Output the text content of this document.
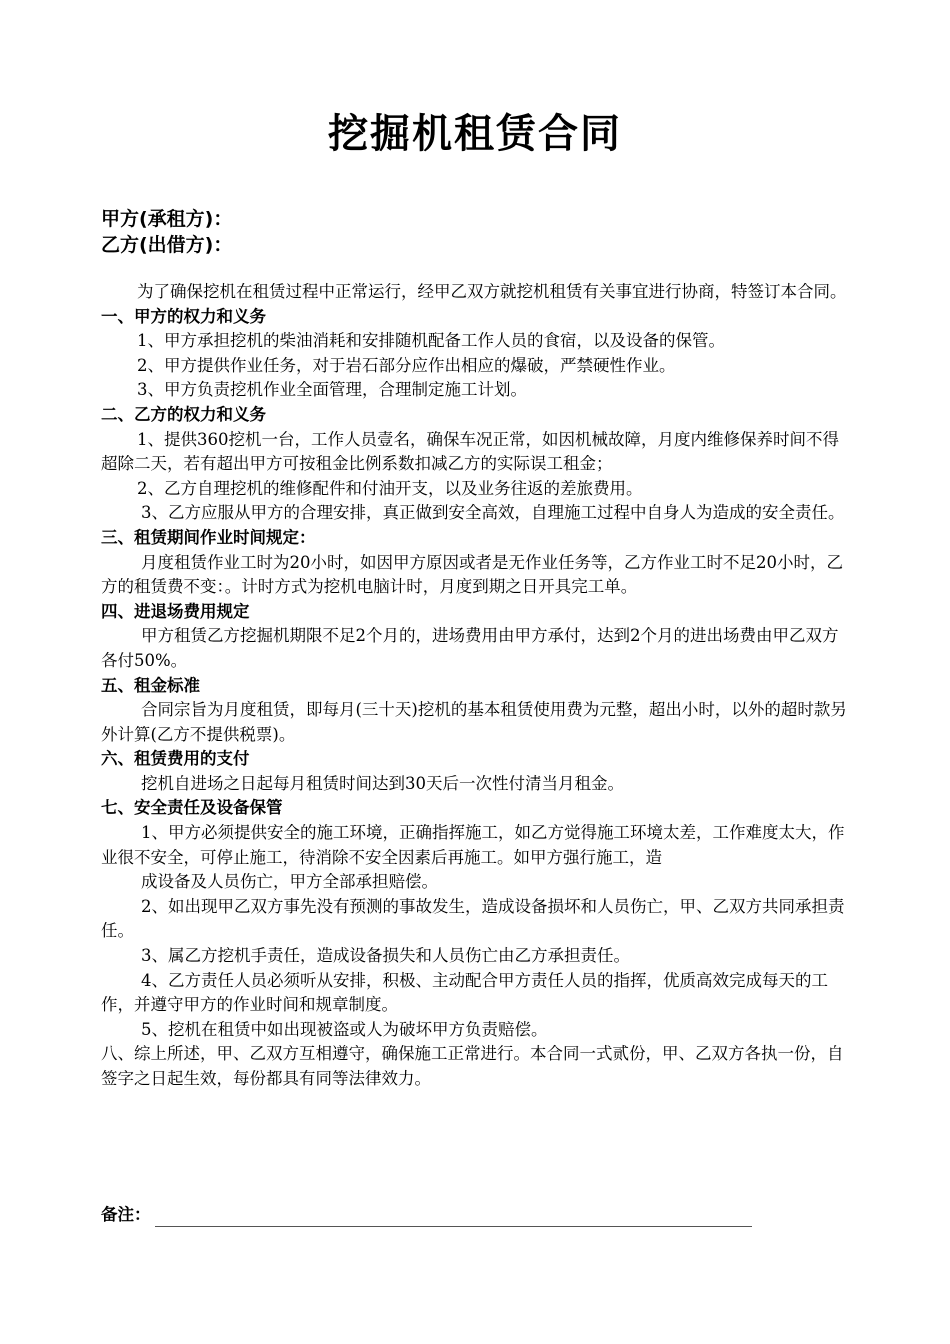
挖掘机租赁合同

甲方(承租方)：

乙方(出借方)：

为了确保挖机在租赁过程中正常运行，经甲乙双方就挖机租赁有关事宜进行协商，特签订本合同。

一、甲方的权力和义务

1、甲方承担挖机的柴油消耗和安排随机配备工作人员的食宿，以及设备的保管。

2、甲方提供作业任务，对于岩石部分应作出相应的爆破，严禁硬性作业。

3、甲方负责挖机作业全面管理，合理制定施工计划。

二、乙方的权力和义务

1、提供360挖机一台，工作人员壹名，确保车况正常，如因机械故障，月度内维修保养时间不得超除二天，若有超出甲方可按租金比例系数扣减乙方的实际误工租金；

2、乙方自理挖机的维修配件和付油开支，以及业务往返的差旅费用。

3、乙方应服从甲方的合理安排，真正做到安全高效，自理施工过程中自身人为造成的安全责任。

三、租赁期间作业时间规定：

月度租赁作业工时为20小时，如因甲方原因或者是无作业任务等，乙方作业工时不足20小时，乙方的租赁费不变：。计时方式为挖机电脑计时，月度到期之日开具完工单。

四、进退场费用规定

甲方租赁乙方挖掘机期限不足2个月的，进场费用由甲方承付，达到2个月的进出场费由甲乙双方各付50%。

五、租金标准

合同宗旨为月度租赁，即每月(三十天)挖机的基本租赁使用费为元整，超出小时，以外的超时款另外计算(乙方不提供税票)。

六、租赁费用的支付

挖机自进场之日起每月租赁时间达到30天后一次性付清当月租金。

七、安全责任及设备保管

1、甲方必须提供安全的施工环境，正确指挥施工，如乙方觉得施工环境太差，工作难度太大，作业很不安全，可停止施工，待消除不安全因素后再施工。如甲方强行施工，造

成设备及人员伤亡，甲方全部承担赔偿。

2、如出现甲乙双方事先没有预测的事故发生，造成设备损坏和人员伤亡，甲、乙双方共同承担责任。

3、属乙方挖机手责任，造成设备损失和人员伤亡由乙方承担责任。

4、乙方责任人员必须听从安排，积极、主动配合甲方责任人员的指挥，优质高效完成每天的工作，并遵守甲方的作业时间和规章制度。

5、挖机在租赁中如出现被盗或人为破坏甲方负责赔偿。

八、综上所述，甲、乙双方互相遵守，确保施工正常进行。本合同一式贰份，甲、乙双方各执一份，自签字之日起生效，每份都具有同等法律效力。

备注：
